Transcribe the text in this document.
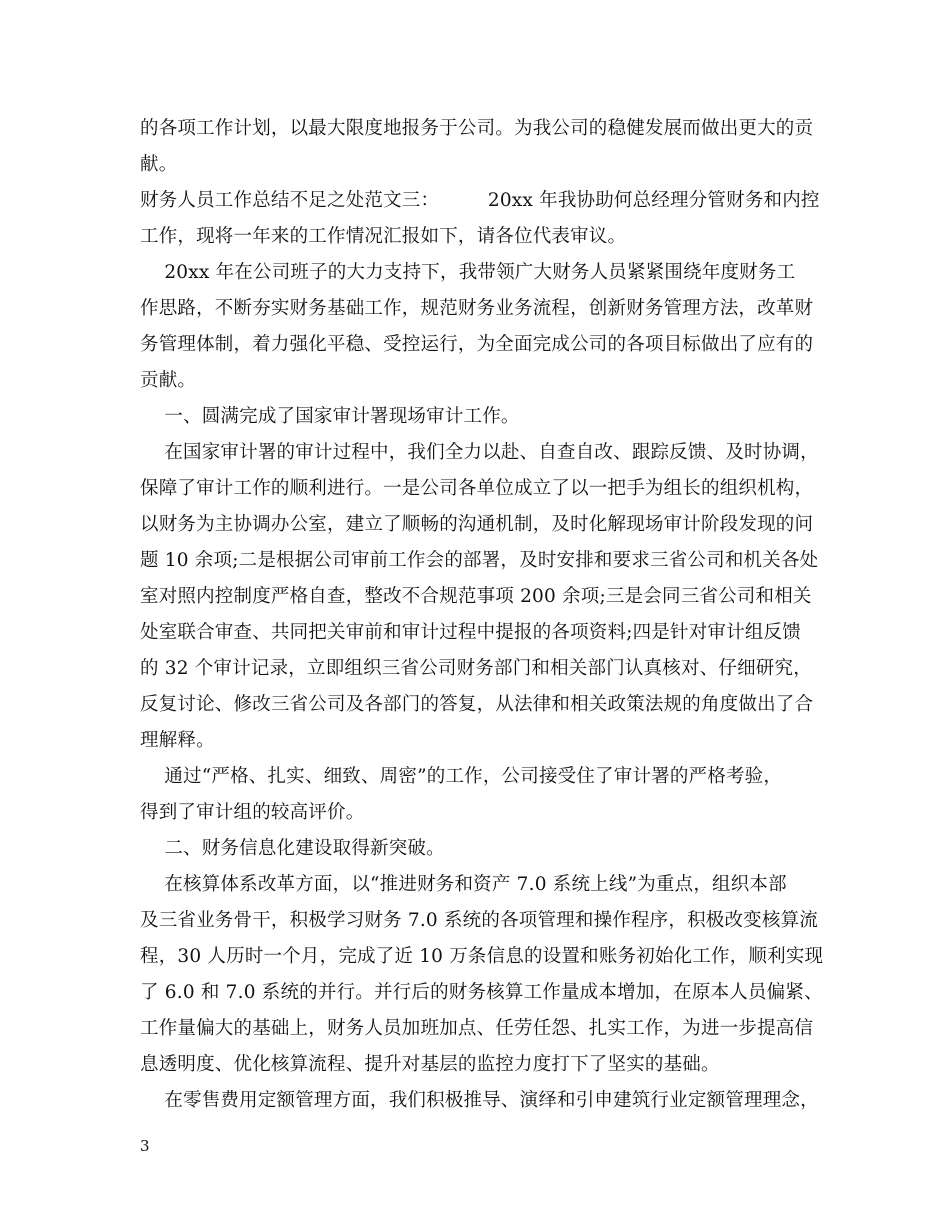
的各项工作计划，以最大限度地报务于公司。为我公司的稳健发展而做出更大的贡
献。
财务人员工作总结不足之处范文三：        20xx 年我协助何总经理分管财务和内控
工作，现将一年来的工作情况汇报如下，请各位代表审议。
20xx 年在公司班子的大力支持下，我带领广大财务人员紧紧围绕年度财务工
作思路，不断夯实财务基础工作，规范财务业务流程，创新财务管理方法，改革财
务管理体制，着力强化平稳、受控运行，为全面完成公司的各项目标做出了应有的
贡献。
一、圆满完成了国家审计署现场审计工作。
在国家审计署的审计过程中，我们全力以赴、自查自改、跟踪反馈、及时协调，
保障了审计工作的顺利进行。一是公司各单位成立了以一把手为组长的组织机构，
以财务为主协调办公室，建立了顺畅的沟通机制，及时化解现场审计阶段发现的问
题 10 余项;二是根据公司审前工作会的部署，及时安排和要求三省公司和机关各处
室对照内控制度严格自查，整改不合规范事项 200 余项;三是会同三省公司和相关
处室联合审查、共同把关审前和审计过程中提报的各项资料;四是针对审计组反馈
的 32 个审计记录，立即组织三省公司财务部门和相关部门认真核对、仔细研究，
反复讨论、修改三省公司及各部门的答复，从法律和相关政策法规的角度做出了合
理解释。
通过“严格、扎实、细致、周密”的工作，公司接受住了审计署的严格考验，
得到了审计组的较高评价。
二、财务信息化建设取得新突破。
在核算体系改革方面，以“推进财务和资产 7.0 系统上线”为重点，组织本部
及三省业务骨干，积极学习财务 7.0 系统的各项管理和操作程序，积极改变核算流
程，30 人历时一个月，完成了近 10 万条信息的设置和账务初始化工作，顺利实现
了 6.0 和 7.0 系统的并行。并行后的财务核算工作量成本增加，在原本人员偏紧、
工作量偏大的基础上，财务人员加班加点、任劳任怨、扎实工作，为进一步提高信
息透明度、优化核算流程、提升对基层的监控力度打下了坚实的基础。
在零售费用定额管理方面，我们积极推导、演绎和引申建筑行业定额管理理念，
3
